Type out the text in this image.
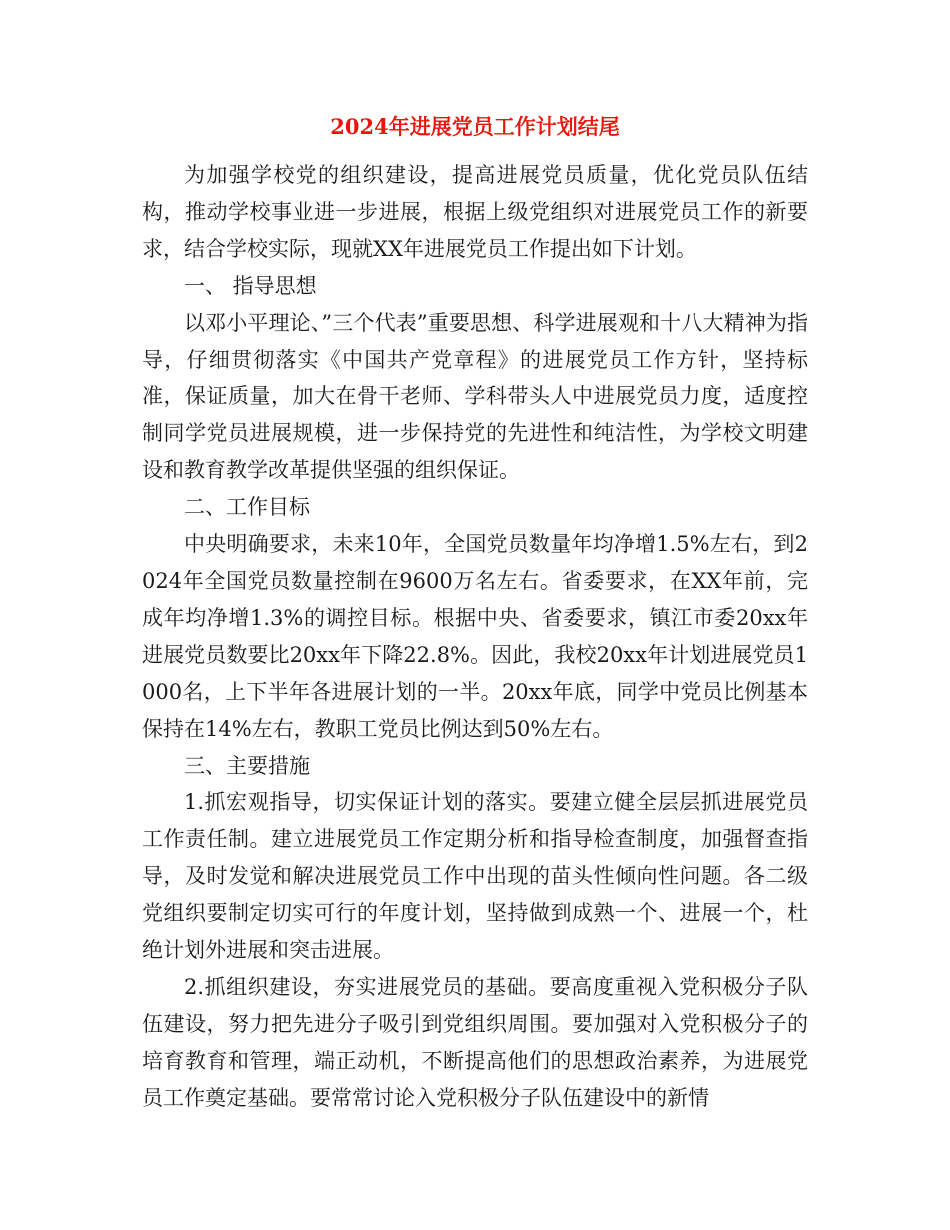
2024年进展党员工作计划结尾

为加强学校党的组织建设，提高进展党员质量，优化党员队伍结构，推动学校事业进一步进展，根据上级党组织对进展党员工作的新要求，结合学校实际，现就XX年进展党员工作提出如下计划。

一、 指导思想

以邓小平理论、”三个代表”重要思想、科学进展观和十八大精神为指导，仔细贯彻落实《中国共产党章程》的进展党员工作方针，坚持标准，保证质量，加大在骨干老师、学科带头人中进展党员力度，适度控制同学党员进展规模，进一步保持党的先进性和纯洁性，为学校文明建设和教育教学改革提供坚强的组织保证。

二、工作目标

中央明确要求，未来10年，全国党员数量年均净增1.5%左右，到2024年全国党员数量控制在9600万名左右。省委要求，在XX年前，完成年均净增1.3%的调控目标。根据中央、省委要求，镇江市委20xx年进展党员数要比20xx年下降22.8%。因此，我校20xx年计划进展党员1000名，上下半年各进展计划的一半。20xx年底，同学中党员比例基本保持在14%左右，教职工党员比例达到50%左右。

三、主要措施

1.抓宏观指导，切实保证计划的落实。要建立健全层层抓进展党员工作责任制。建立进展党员工作定期分析和指导检查制度，加强督查指导，及时发觉和解决进展党员工作中出现的苗头性倾向性问题。各二级党组织要制定切实可行的年度计划，坚持做到成熟一个、进展一个，杜绝计划外进展和突击进展。

2.抓组织建设，夯实进展党员的基础。要高度重视入党积极分子队伍建设，努力把先进分子吸引到党组织周围。要加强对入党积极分子的培育教育和管理，端正动机，不断提高他们的思想政治素养，为进展党员工作奠定基础。要常常讨论入党积极分子队伍建设中的新情
